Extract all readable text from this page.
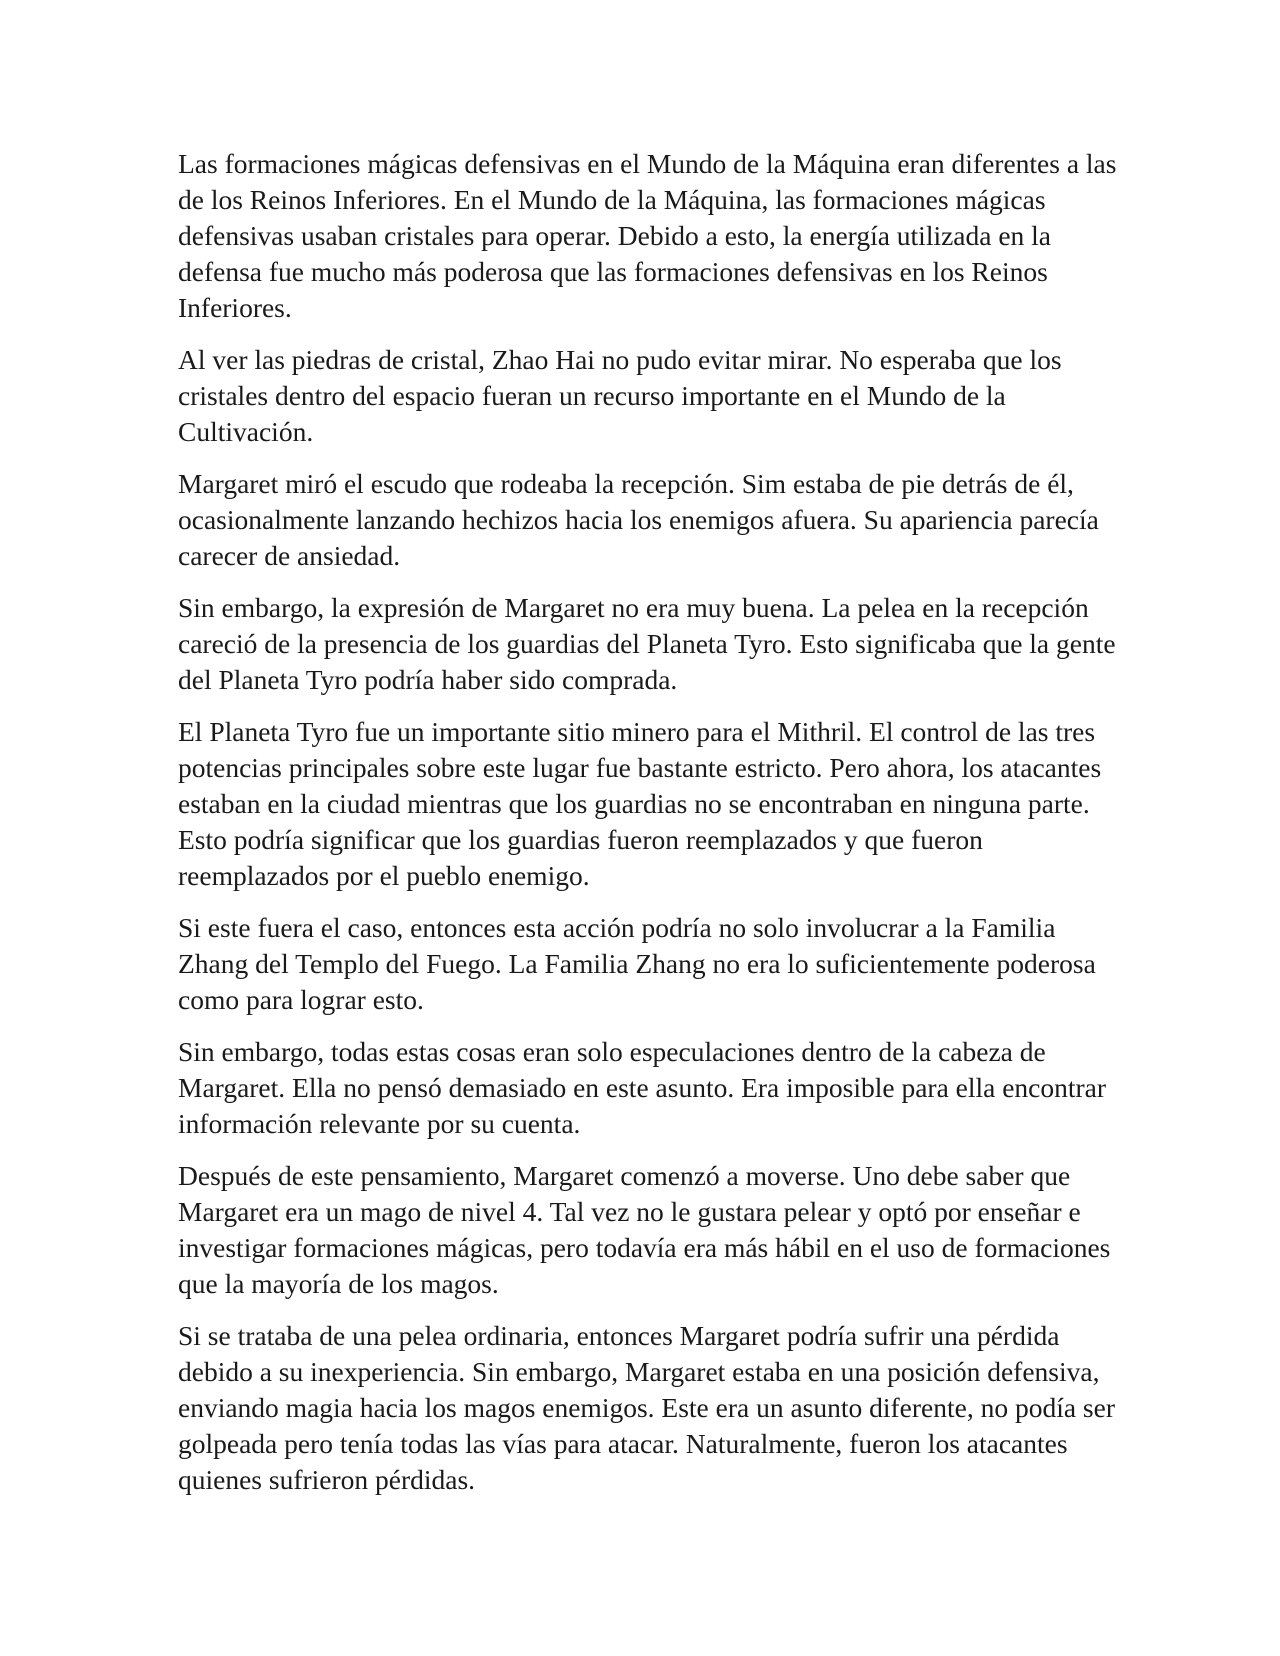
Las formaciones mágicas defensivas en el Mundo de la Máquina eran diferentes a las de los Reinos Inferiores. En el Mundo de la Máquina, las formaciones mágicas defensivas usaban cristales para operar. Debido a esto, la energía utilizada en la defensa fue mucho más poderosa que las formaciones defensivas en los Reinos Inferiores.

Al ver las piedras de cristal, Zhao Hai no pudo evitar mirar. No esperaba que los cristales dentro del espacio fueran un recurso importante en el Mundo de la Cultivación.

Margaret miró el escudo que rodeaba la recepción. Sim estaba de pie detrás de él, ocasionalmente lanzando hechizos hacia los enemigos afuera. Su apariencia parecía carecer de ansiedad.

Sin embargo, la expresión de Margaret no era muy buena. La pelea en la recepción careció de la presencia de los guardias del Planeta Tyro. Esto significaba que la gente del Planeta Tyro podría haber sido comprada.

El Planeta Tyro fue un importante sitio minero para el Mithril. El control de las tres potencias principales sobre este lugar fue bastante estricto. Pero ahora, los atacantes estaban en la ciudad mientras que los guardias no se encontraban en ninguna parte. Esto podría significar que los guardias fueron reemplazados y que fueron reemplazados por el pueblo enemigo.

Si este fuera el caso, entonces esta acción podría no solo involucrar a la Familia Zhang del Templo del Fuego. La Familia Zhang no era lo suficientemente poderosa como para lograr esto.

Sin embargo, todas estas cosas eran solo especulaciones dentro de la cabeza de Margaret. Ella no pensó demasiado en este asunto. Era imposible para ella encontrar información relevante por su cuenta.

Después de este pensamiento, Margaret comenzó a moverse. Uno debe saber que Margaret era un mago de nivel 4. Tal vez no le gustara pelear y optó por enseñar e investigar formaciones mágicas, pero todavía era más hábil en el uso de formaciones que la mayoría de los magos.

Si se trataba de una pelea ordinaria, entonces Margaret podría sufrir una pérdida debido a su inexperiencia. Sin embargo, Margaret estaba en una posición defensiva, enviando magia hacia los magos enemigos. Este era un asunto diferente, no podía ser golpeada pero tenía todas las vías para atacar. Naturalmente, fueron los atacantes quienes sufrieron pérdidas.
